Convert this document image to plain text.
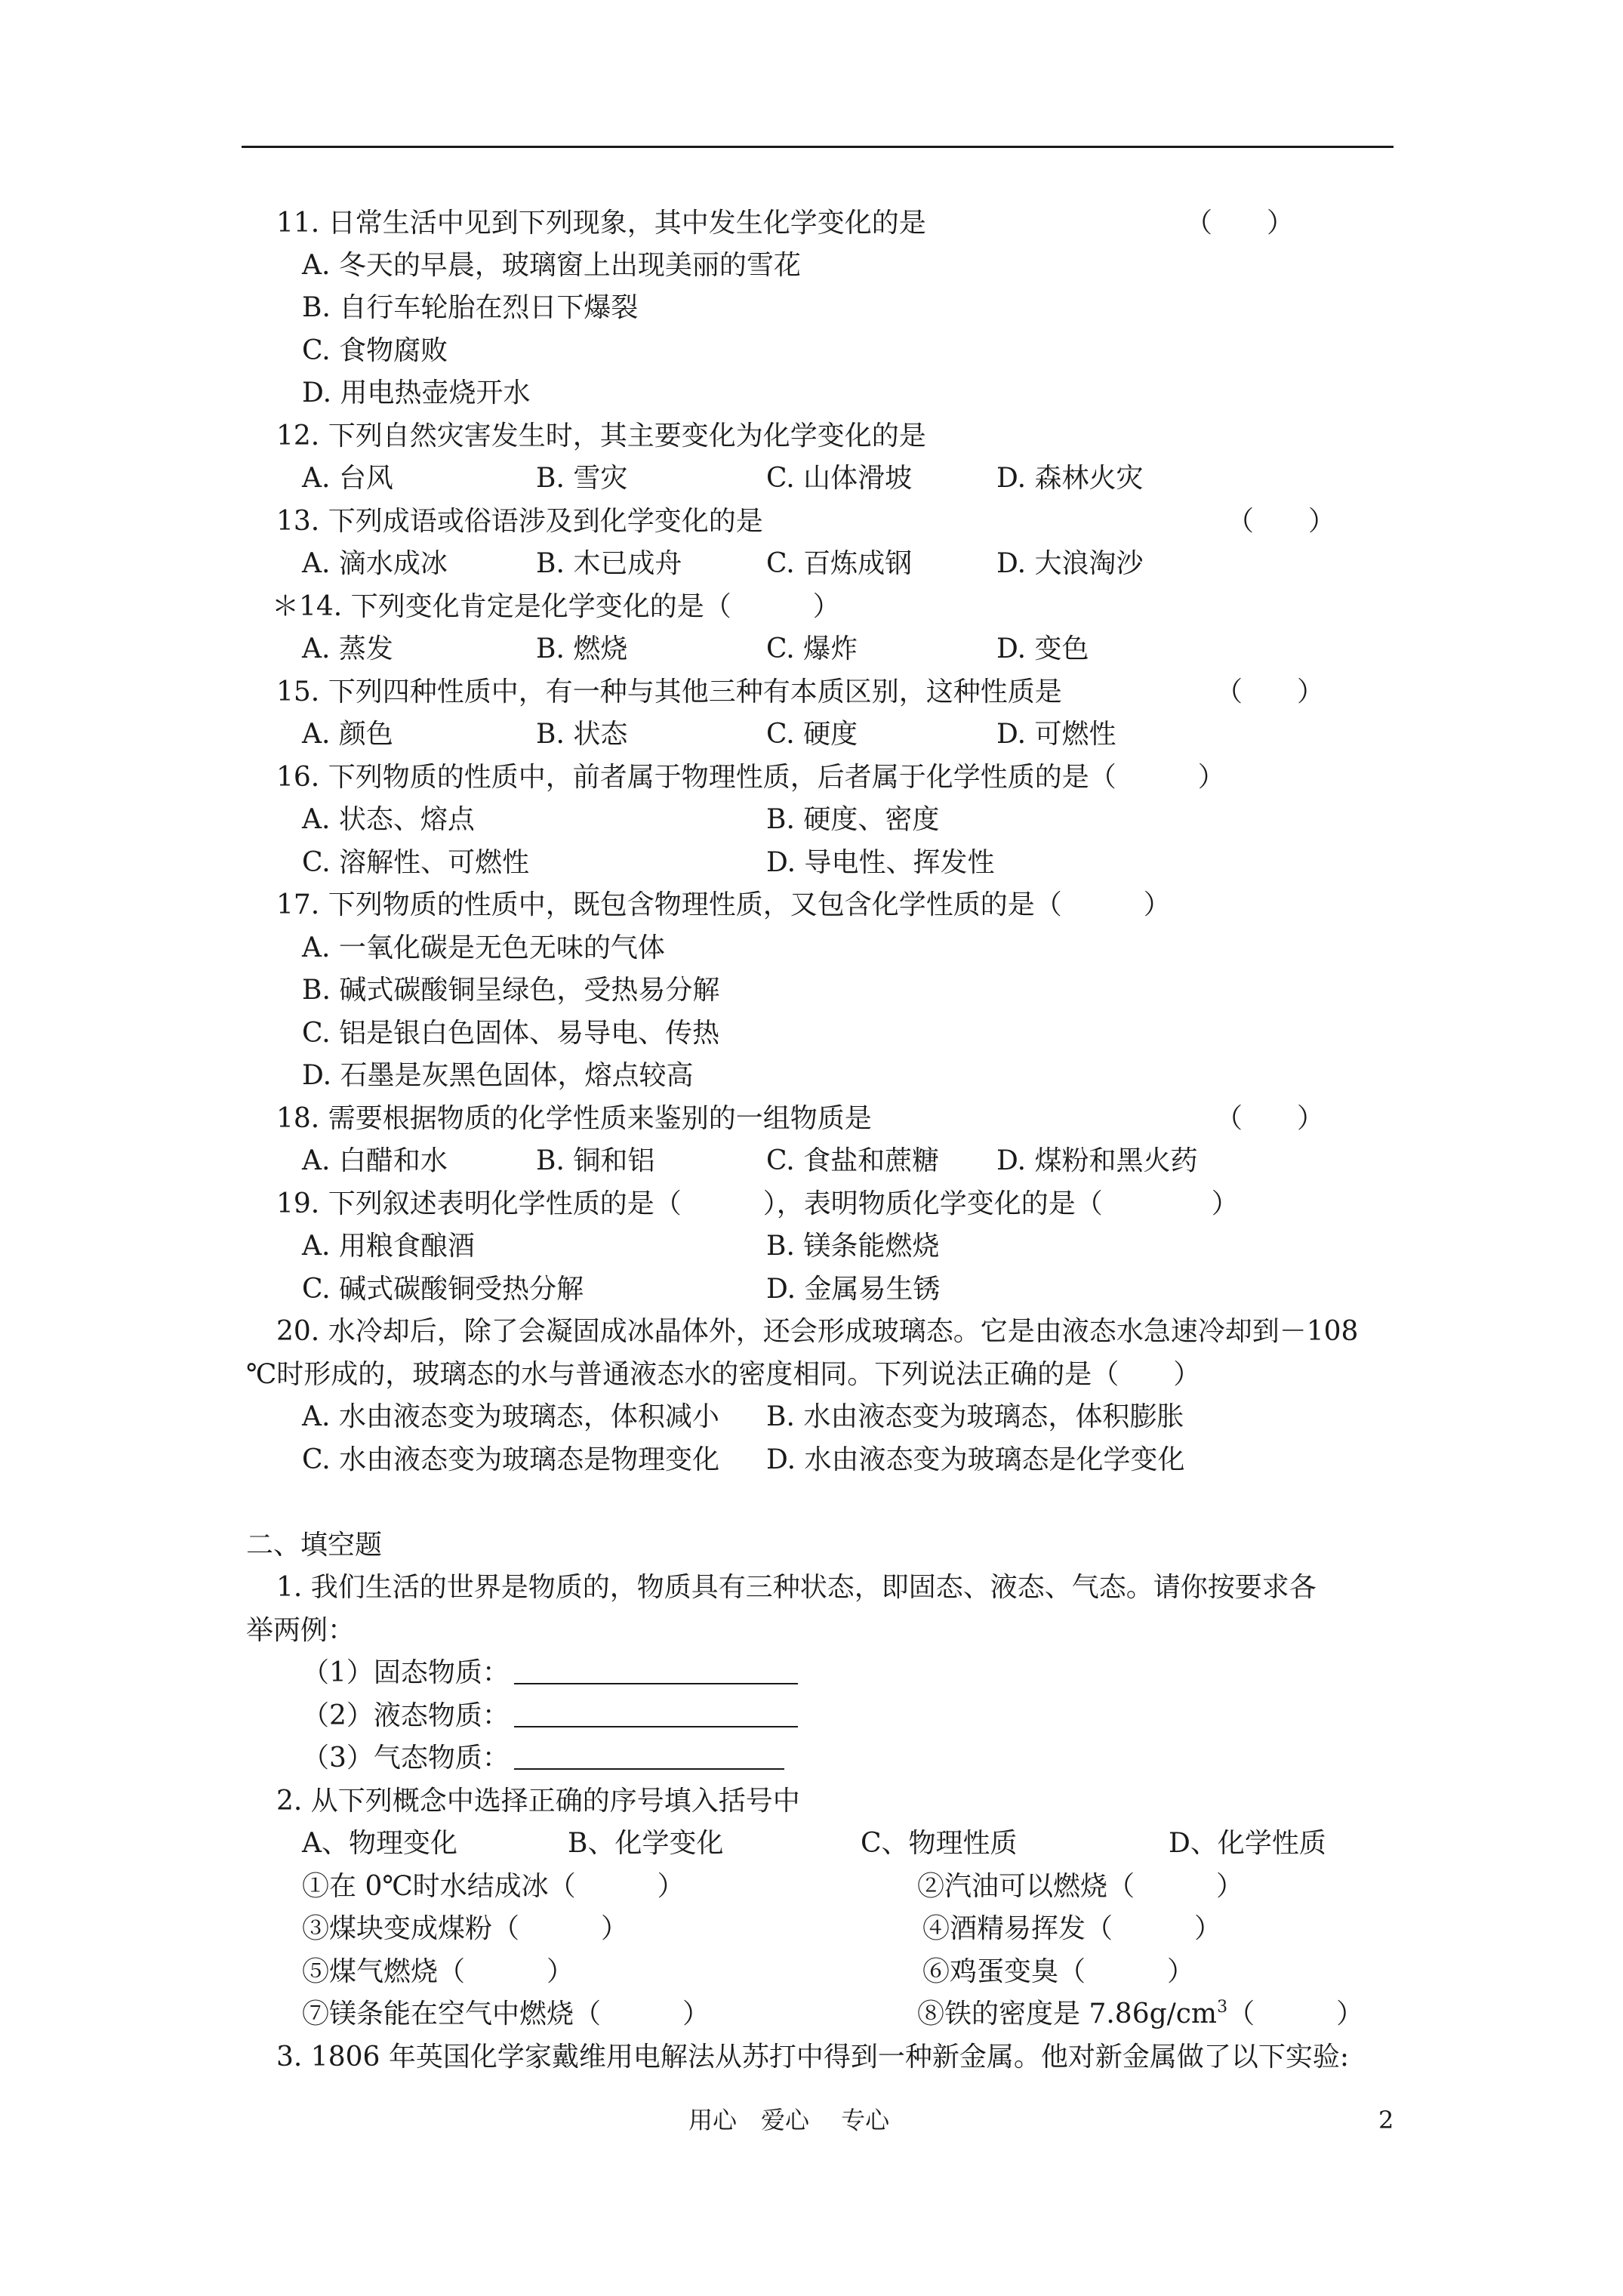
11. 日常生活中见到下列现象，其中发生化学变化的是	（　　）
A. 冬天的早晨，玻璃窗上出现美丽的雪花
B. 自行车轮胎在烈日下爆裂
C. 食物腐败
D. 用电热壶烧开水
12. 下列自然灾害发生时，其主要变化为化学变化的是
A. 台风	B. 雪灾	C. 山体滑坡	D. 森林火灾
13. 下列成语或俗语涉及到化学变化的是	（　　）
A. 滴水成冰	B. 木已成舟	C. 百炼成钢	D. 大浪淘沙
＊14. 下列变化肯定是化学变化的是（　　　）
A. 蒸发	B. 燃烧	C. 爆炸	D. 变色
15. 下列四种性质中，有一种与其他三种有本质区别，这种性质是	（　　）
A. 颜色	B. 状态	C. 硬度	D. 可燃性
16. 下列物质的性质中，前者属于物理性质，后者属于化学性质的是（　　　）
A. 状态、熔点	B. 硬度、密度
C. 溶解性、可燃性	D. 导电性、挥发性
17. 下列物质的性质中，既包含物理性质，又包含化学性质的是（　　　）
A. 一氧化碳是无色无味的气体
B. 碱式碳酸铜呈绿色，受热易分解
C. 铝是银白色固体、易导电、传热
D. 石墨是灰黑色固体，熔点较高
18. 需要根据物质的化学性质来鉴别的一组物质是	（　　）
A. 白醋和水	B. 铜和铝	C. 食盐和蔗糖 D. 煤粉和黑火药
19. 下列叙述表明化学性质的是（　　　），表明物质化学变化的是（　　　　）
A. 用粮食酿酒	B. 镁条能燃烧
C. 碱式碳酸铜受热分解	D. 金属易生锈
20. 水冷却后，除了会凝固成冰晶体外，还会形成玻璃态。它是由液态水急速冷却到－108
℃时形成的，玻璃态的水与普通液态水的密度相同。下列说法正确的是（　　）
A. 水由液态变为玻璃态，体积减小 B. 水由液态变为玻璃态，体积膨胀
C. 水由液态变为玻璃态是物理变化 D. 水由液态变为玻璃态是化学变化
二、填空题
1. 我们生活的世界是物质的，物质具有三种状态，即固态、液态、气态。请你按要求各
举两例：
（1）固态物质：
（2）液态物质：
（3）气态物质：
2. 从下列概念中选择正确的序号填入括号中
A、物理变化	B、化学变化	C、物理性质	D、化学性质
①在 0℃时水结成冰（　　　）	②汽油可以燃烧（　　　）
③煤块变成煤粉（　　　）	④酒精易挥发（　　　）
⑤煤气燃烧（　　　）	⑥鸡蛋变臭（　　　）
⑦镁条能在空气中燃烧（　　　）	⑧铁的密度是 $7.86g/cm^3$（　　　）
3. 1806 年英国化学家戴维用电解法从苏打中得到一种新金属。他对新金属做了以下实验:
用心　爱心　 专心	2
